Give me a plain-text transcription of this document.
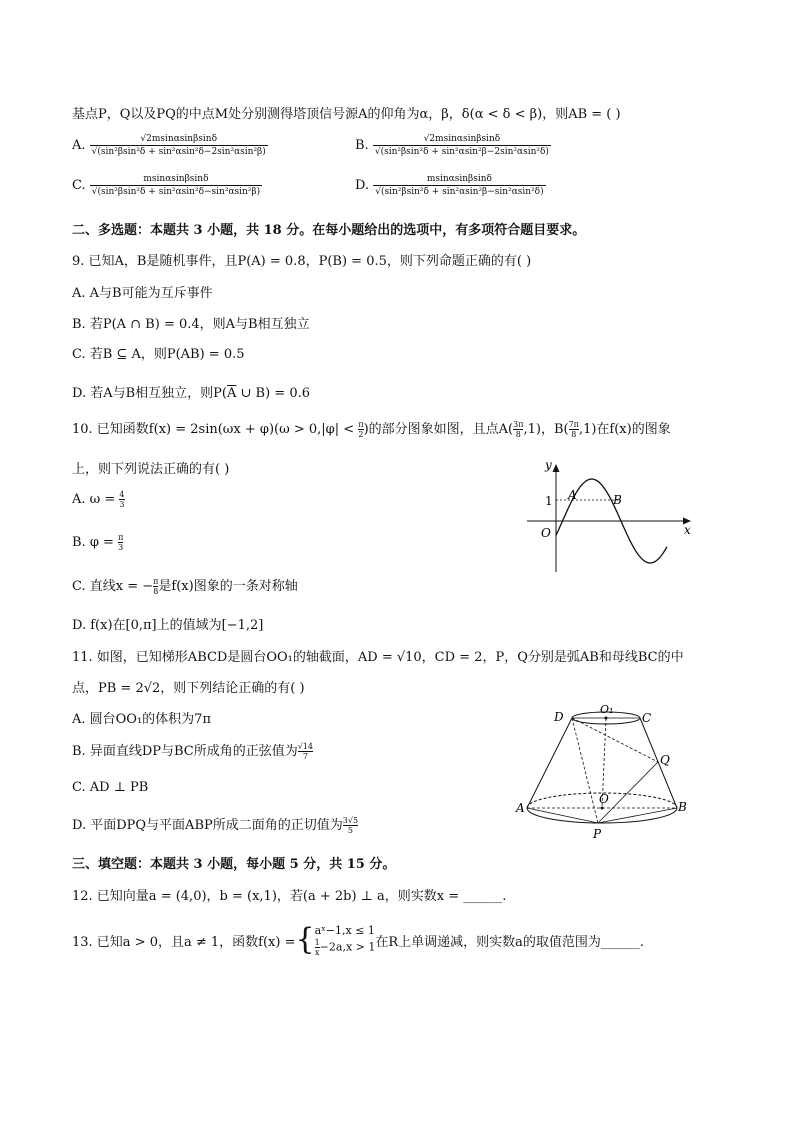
基点P，Q以及PQ的中点M处分别测得塔顶信号源A的仰角为α，β，δ(α < δ < β)，则AB = ( )
A. $\frac{√2msin\alpha\sin\beta\sin\delta}{\text{√(sin²βsin²δ + sin²αsin²δ−2sin²αsin²β)}}$	B. $\frac{√2msin\alpha\sin\beta\sin\delta}{\text{√(sin²βsin²δ + sin²αsin²β−2sin²αsin²δ)}}$
C. $\frac{msin\alpha\sin\beta\sin\delta}{\text{√(sin²βsin²δ + sin²αsin²δ−sin²αsin²β)}}$	D. $\frac{msin\alpha\sin\beta\sin\delta}{\text{√(sin²βsin²δ + sin²αsin²β−sin²αsin²δ)}}$
二、多选题：本题共 3 小题，共 18 分。在每小题给出的选项中，有多项符合题目要求。
9. 已知A，B是随机事件，且P(A) = 0.8，P(B) = 0.5，则下列命题正确的有( )
A. A与B可能为互斥事件
B. 若P(A ∩ B) = 0.4，则A与B相互独立
C. 若B ⊆ A，则P(AB) = 0.5
D. 若A与B相互独立，则$P(\overline{A}$ ∪ B) = 0.6
10. 已知函数$f(x) = 2\sin(\omega x + \varphi)(\omega > 0,|\varphi| < \frac{\pi}{2})$的部分图象如图，且点$A( \frac{3\pi}{8},1)$，$B( \frac{7\pi}{8},1)$在f(x)的图象
上，则下列说法正确的有( )
A. $\omega = \frac{4}{3}$
B. $\varphi = \frac{\pi}{3}$
C. 直线x = − $\frac{\pi}{8}$是f(x)图象的一条对称轴
D. f(x)在[0,π]上的值域为[−1,2]
y
x
O
1 A	B
11. 如图，已知梯形ABCD是圆台OO₁的轴截面，AD = √10，CD = 2，P，Q分别是弧AB和母线BC的中
点，PB = 2√2，则下列结论正确的有( )
A. 圆台OO₁的体积为7π
B. 异面直线DP与BC所成角的正弦值为 $\frac{√14}{7}$
C. AD ⊥ PB
D. 平面DPQ与平面ABP所成二面角的正切值为 $\frac{3√5}{5}$
D
O₁
C
Q
A
O
B
P
三、填空题：本题共 3 小题，每小题 5 分，共 15 分。
12. 已知向量a = (4,0)，b = (x,1)，若(a + 2b) ⊥ a，则实数x = ______.
13. 已知a > 0，且a ≠ 1，函数f(x) = { aˣ−1,x ≤ 1
$\frac{1}{x}-2a,x > 1$ 在R上单调递减，则实数a的取值范围为______.
